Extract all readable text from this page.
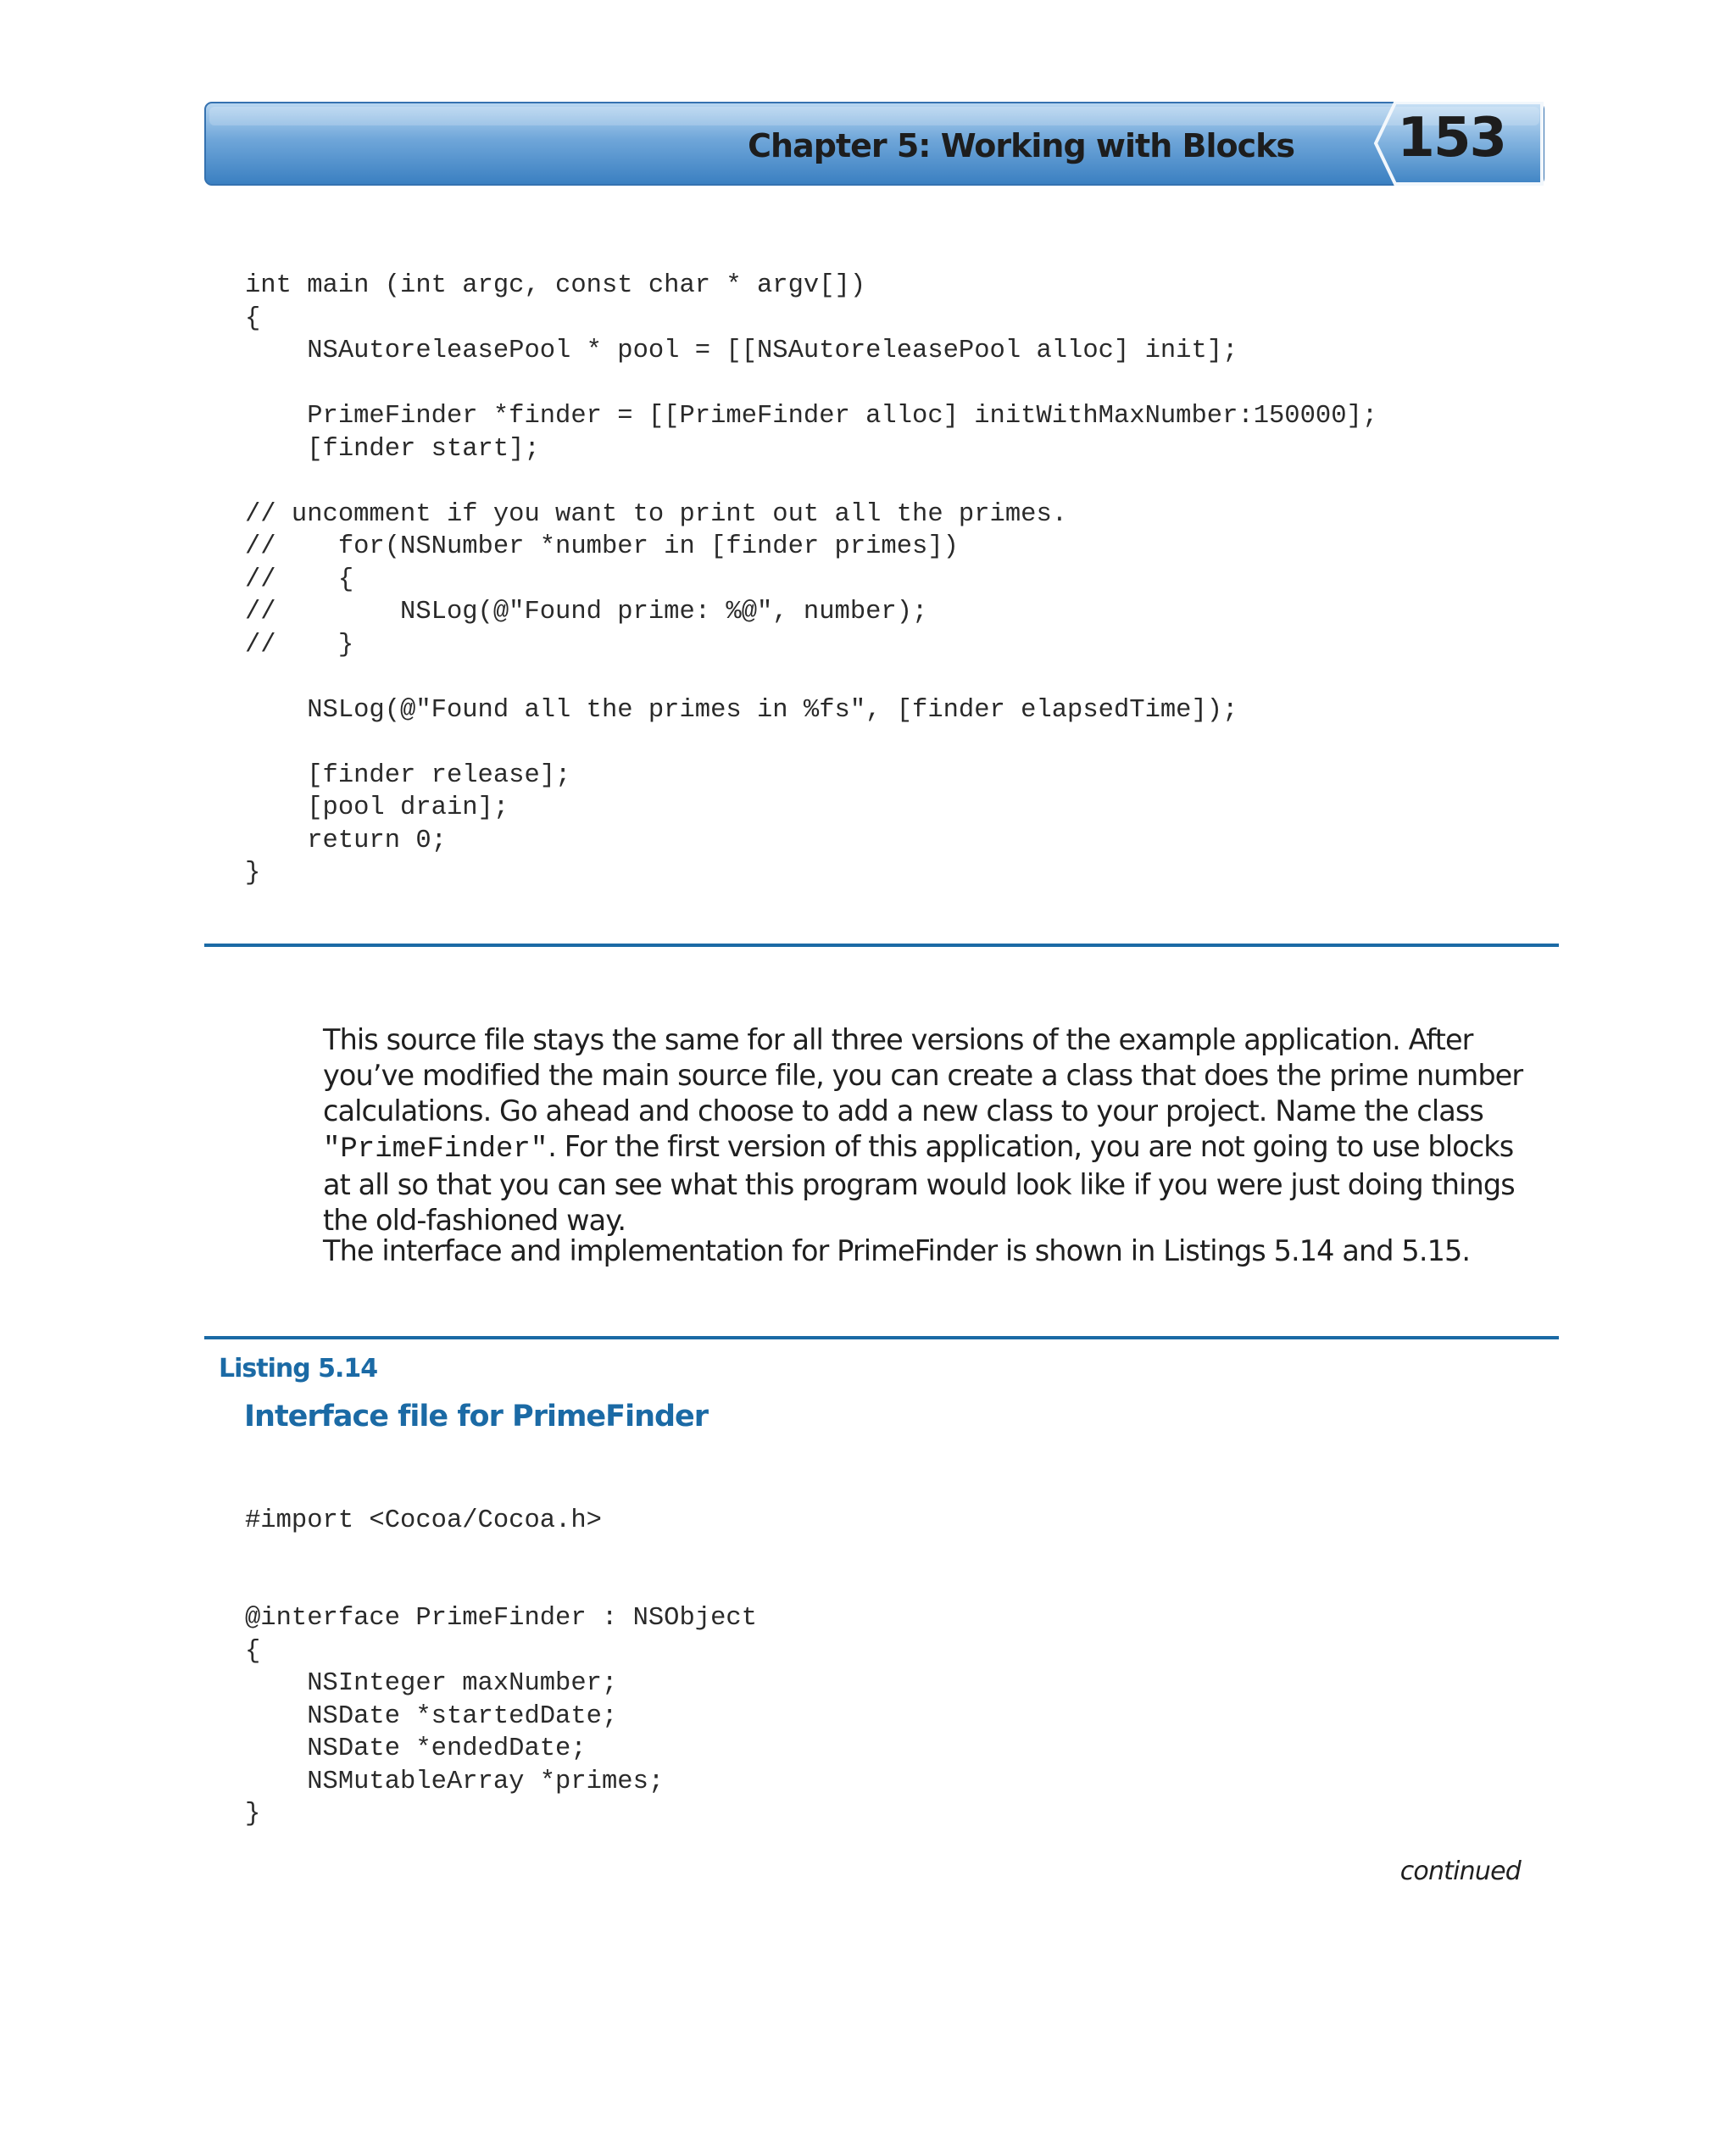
Chapter 5: Working with Blocks 153
int main (int argc, const char * argv[])
{
NSAutoreleasePool * pool = [[NSAutoreleasePool alloc] init];

PrimeFinder *finder = [[PrimeFinder alloc] initWithMaxNumber:150000];
[finder start];

// uncomment if you want to print out all the primes.
//    for(NSNumber *number in [finder primes])
//    {
//        NSLog(@"Found prime: %@", number);
//    }

NSLog(@"Found all the primes in %fs", [finder elapsedTime]);

[finder release];
[pool drain];
return 0;
}

This source file stays the same for all three versions of the example application. After you’ve modified the main source file, you can create a class that does the prime number calculations. Go ahead and choose to add a new class to your project. Name the class "PrimeFinder". For the first version of this application, you are not going to use blocks at all so that you can see what this program would look like if you were just doing things the old-fashioned way.

The interface and implementation for PrimeFinder is shown in Listings 5.14 and 5.15.

Listing 5.14
Interface file for PrimeFinder
#import <Cocoa/Cocoa.h>
@interface PrimeFinder : NSObject
{
NSInteger maxNumber;
NSDate *startedDate;
NSDate *endedDate;
NSMutableArray *primes;
}
continued
